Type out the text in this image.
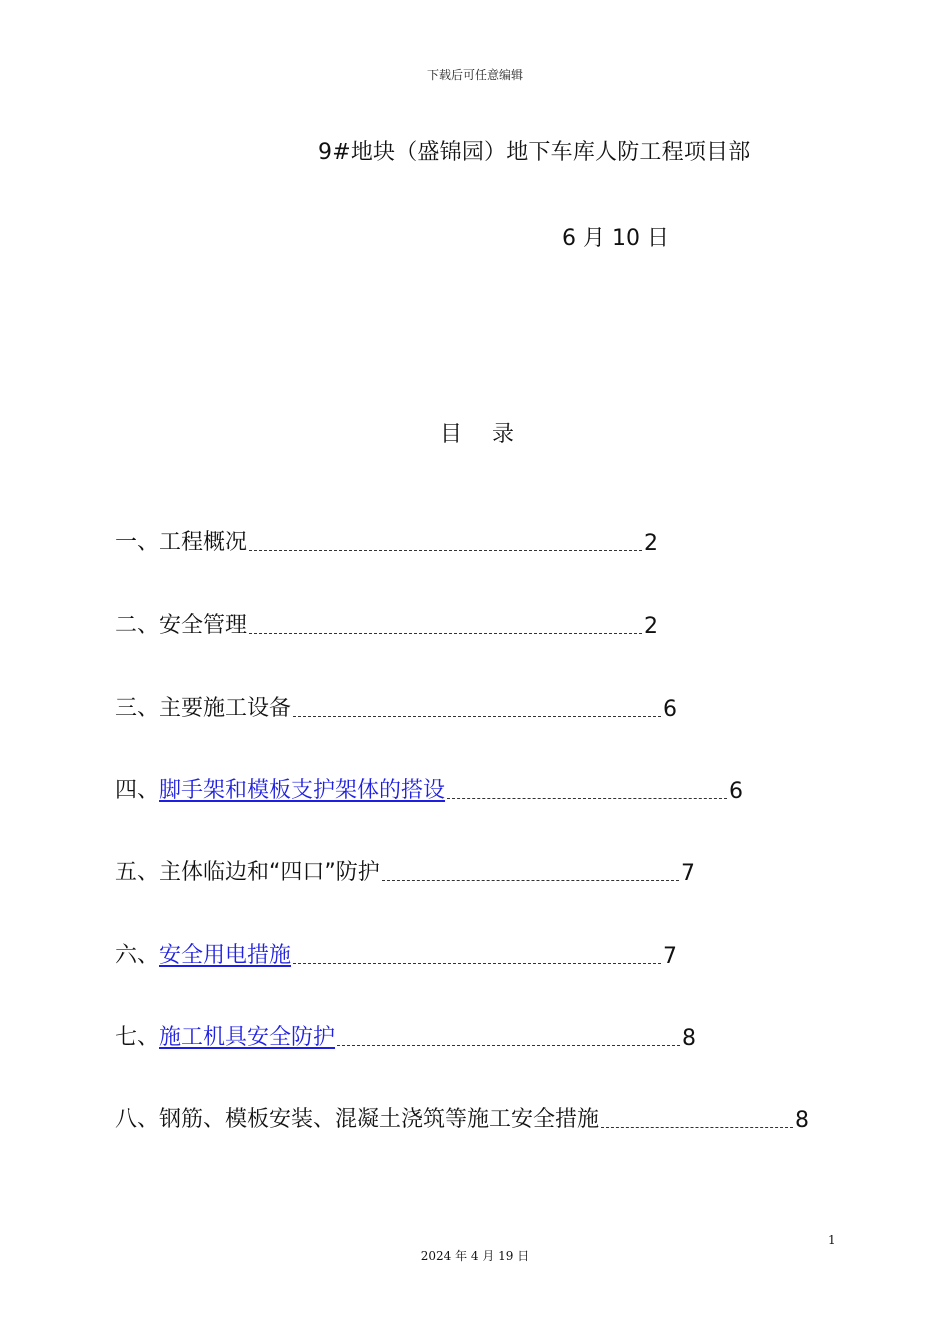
下载后可任意编辑
9#地块（盛锦园）地下车库人防工程项目部
6 月 10 日
目录
一、 工程概况	2
二、 安全管理	2
三、 主要施工设备	6
四、 脚手架和模板支护架体的搭设	6
五、 主体临边和“四口”防护	7
六、 安全用电措施	7
七、 施工机具安全防护	8
八、 钢筋、模板安装、混凝土浇筑等施工安全措施	8
1
2024 年 4 月 19 日
